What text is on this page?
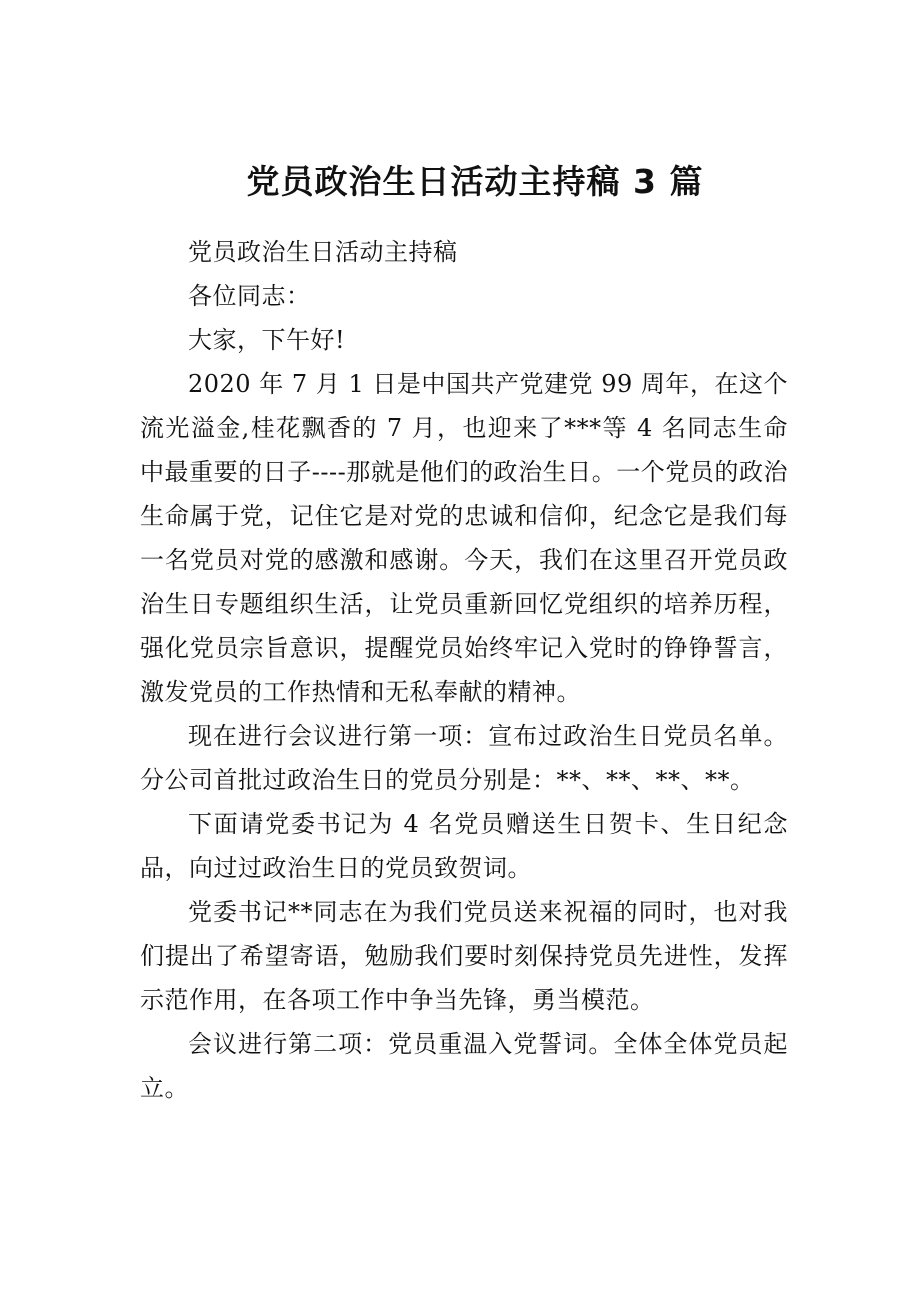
党员政治生日活动主持稿 3 篇

党员政治生日活动主持稿

各位同志：

大家，下午好!

2020 年 7 月 1 日是中国共产党建党 99 周年，在这个流光溢金,桂花飘香的 7 月，也迎来了***等 4 名同志生命中最重要的日子----那就是他们的政治生日。一个党员的政治生命属于党，记住它是对党的忠诚和信仰，纪念它是我们每一名党员对党的感激和感谢。今天，我们在这里召开党员政治生日专题组织生活，让党员重新回忆党组织的培养历程，强化党员宗旨意识，提醒党员始终牢记入党时的铮铮誓言，激发党员的工作热情和无私奉献的精神。

现在进行会议进行第一项：宣布过政治生日党员名单。分公司首批过政治生日的党员分别是：**、**、**、**。

下面请党委书记为 4 名党员赠送生日贺卡、生日纪念品，向过过政治生日的党员致贺词。

党委书记**同志在为我们党员送来祝福的同时，也对我们提出了希望寄语，勉励我们要时刻保持党员先进性，发挥示范作用，在各项工作中争当先锋，勇当模范。

会议进行第二项：党员重温入党誓词。全体全体党员起立。
